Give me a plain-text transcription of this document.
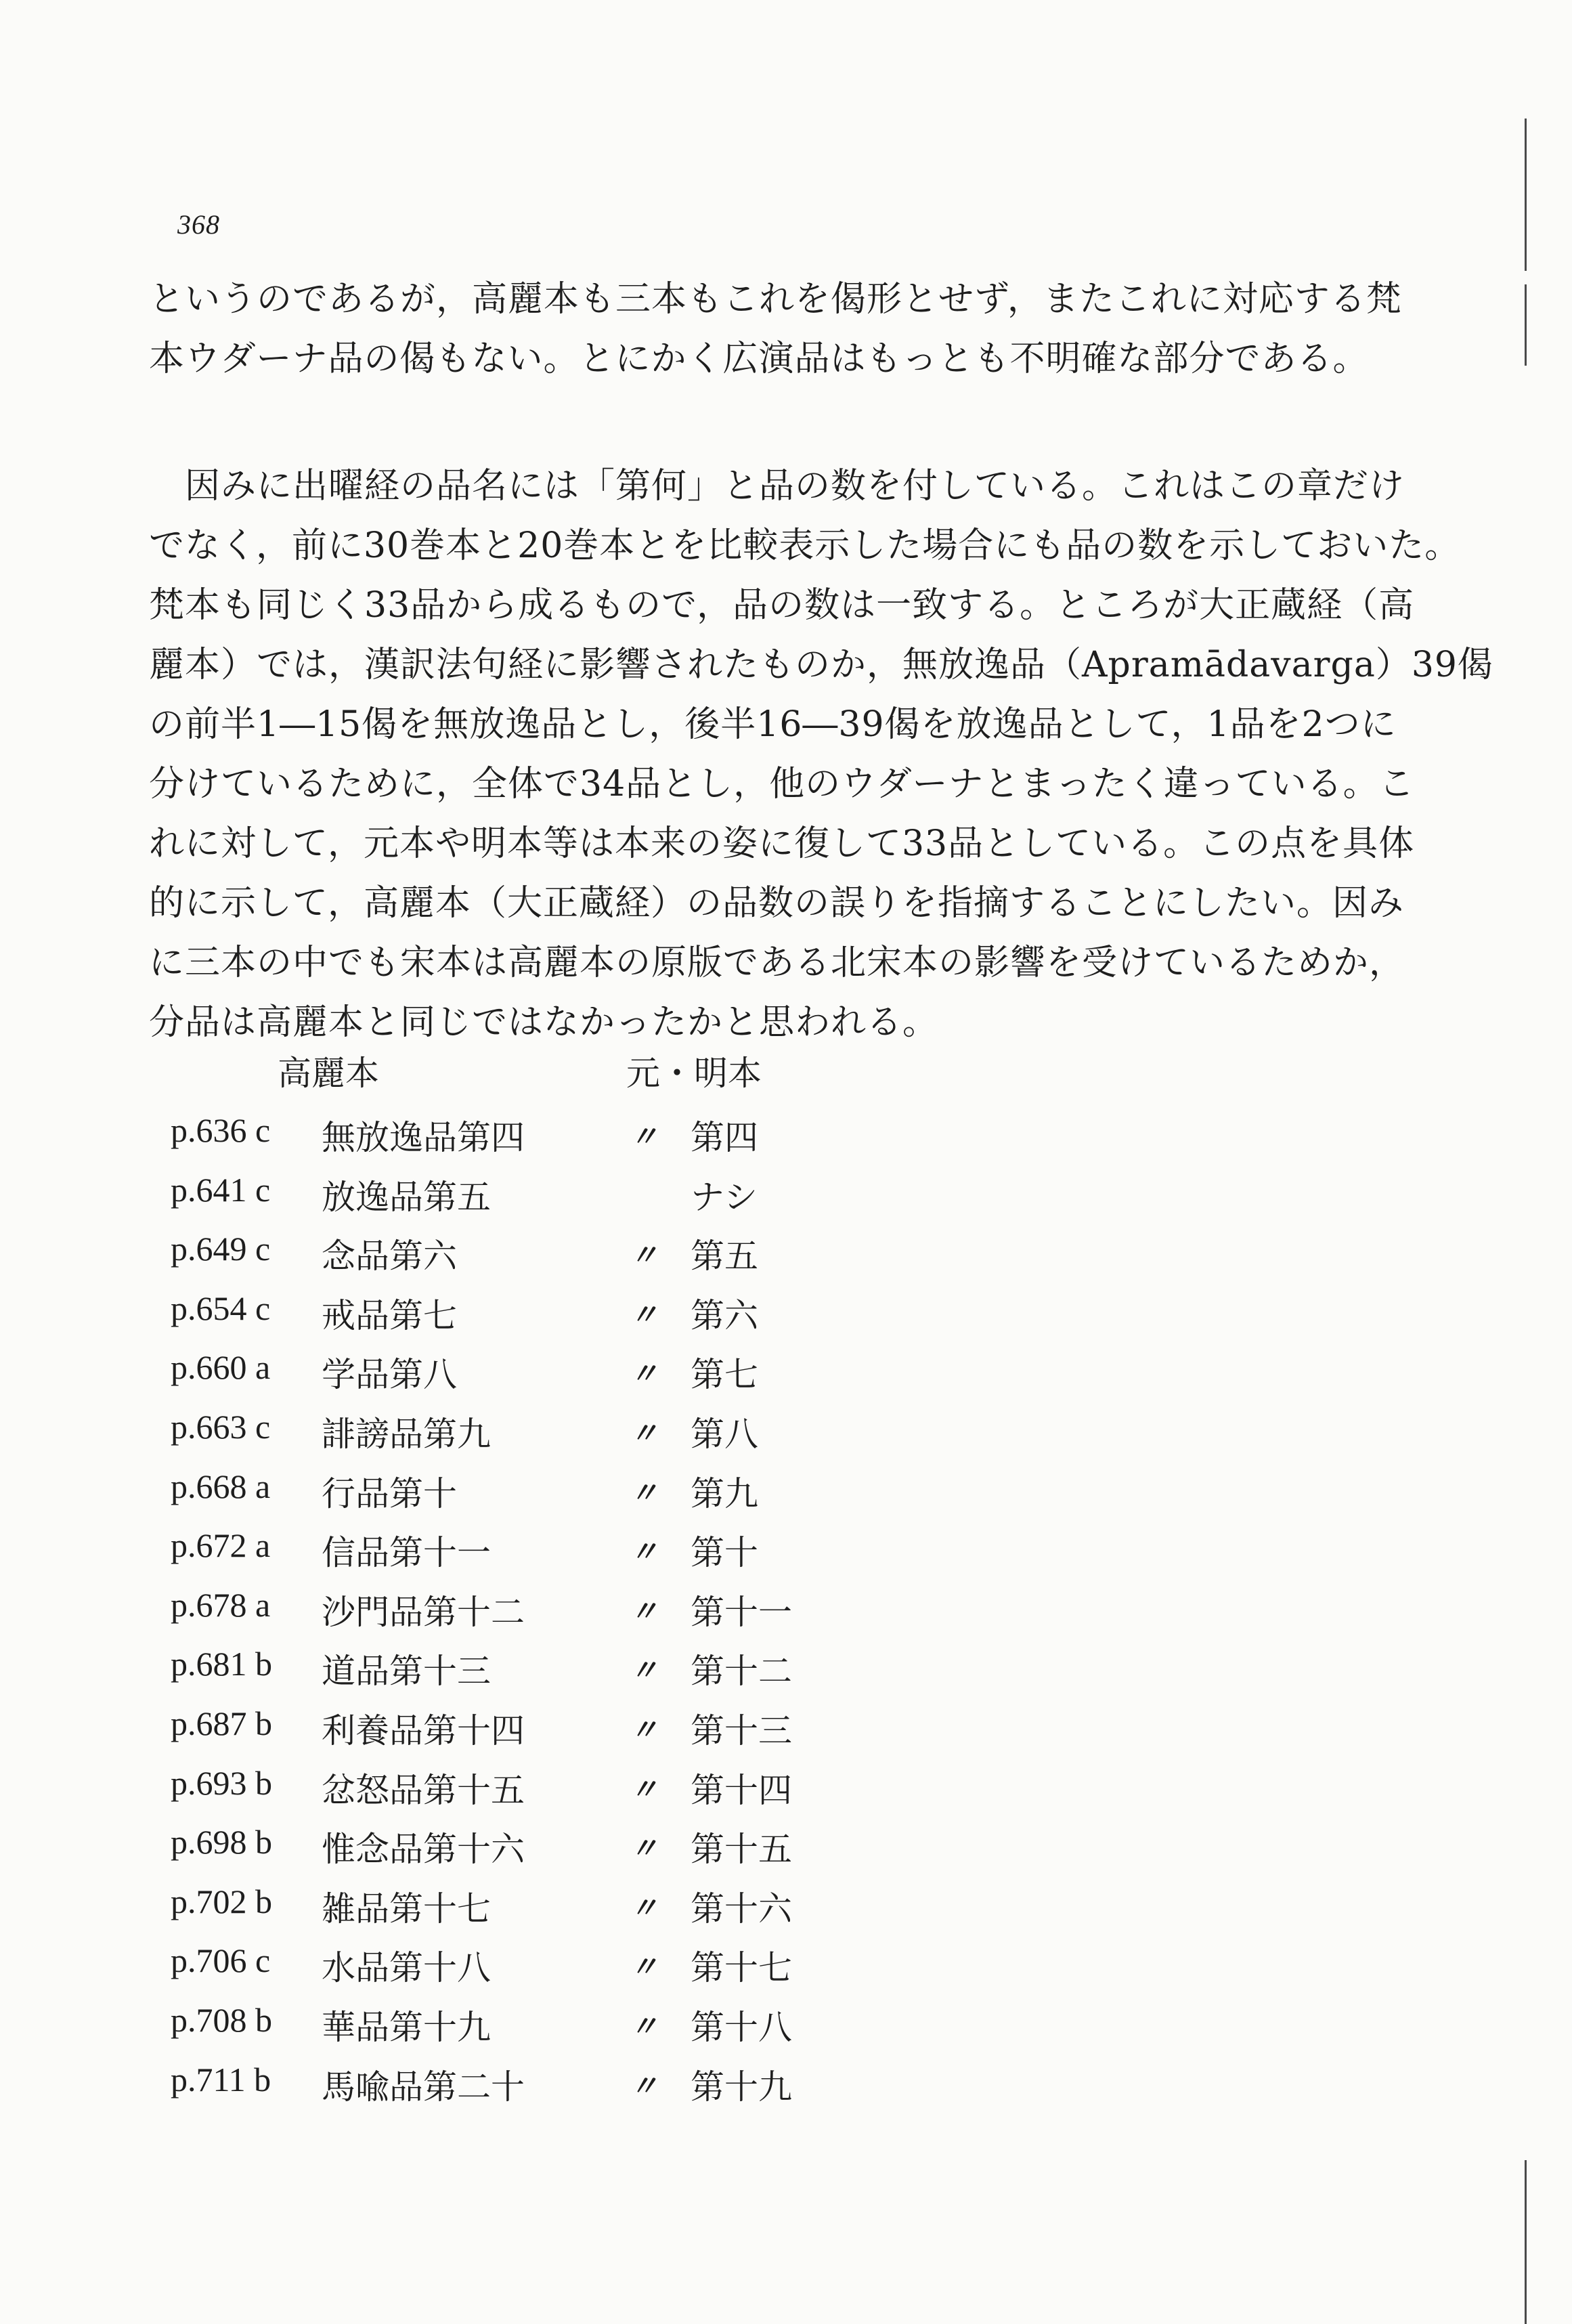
368
というのであるが，高麗本も三本もこれを偈形とせず，またこれに対応する梵
本ウダーナ品の偈もない。とにかく広演品はもっとも不明確な部分である。
　因みに出曜経の品名には「第何」と品の数を付している。これはこの章だけ
でなく，前に30巻本と20巻本とを比較表示した場合にも品の数を示しておいた。
梵本も同じく33品から成るもので，品の数は一致する。ところが大正蔵経（高
麗本）では，漢訳法句経に影響されたものか，無放逸品（Apramādavarga）39偈
の前半1―15偈を無放逸品とし，後半16―39偈を放逸品として，1品を2つに
分けているために，全体で34品とし，他のウダーナとまったく違っている。こ
れに対して，元本や明本等は本来の姿に復して33品としている。この点を具体
的に示して，高麗本（大正蔵経）の品数の誤りを指摘することにしたい。因み
に三本の中でも宋本は高麗本の原版である北宋本の影響を受けているためか，
分品は高麗本と同じではなかったかと思われる。
高麗本	元・明本
p.636 c 無放逸品第四	〃 第四
p.641 c 放逸品第五	ナシ
p.649 c 念品第六	〃 第五
p.654 c 戒品第七	〃 第六
p.660 a 学品第八	〃 第七
p.663 c 誹謗品第九	〃 第八
p.668 a 行品第十	〃 第九
p.672 a 信品第十一	〃 第十
p.678 a 沙門品第十二	〃 第十一
p.681 b 道品第十三	〃 第十二
p.687 b 利養品第十四	〃 第十三
p.693 b 忿怒品第十五	〃 第十四
p.698 b 惟念品第十六	〃 第十五
p.702 b 雑品第十七	〃 第十六
p.706 c 水品第十八	〃 第十七
p.708 b 華品第十九	〃 第十八
p.711 b 馬喩品第二十	〃 第十九
